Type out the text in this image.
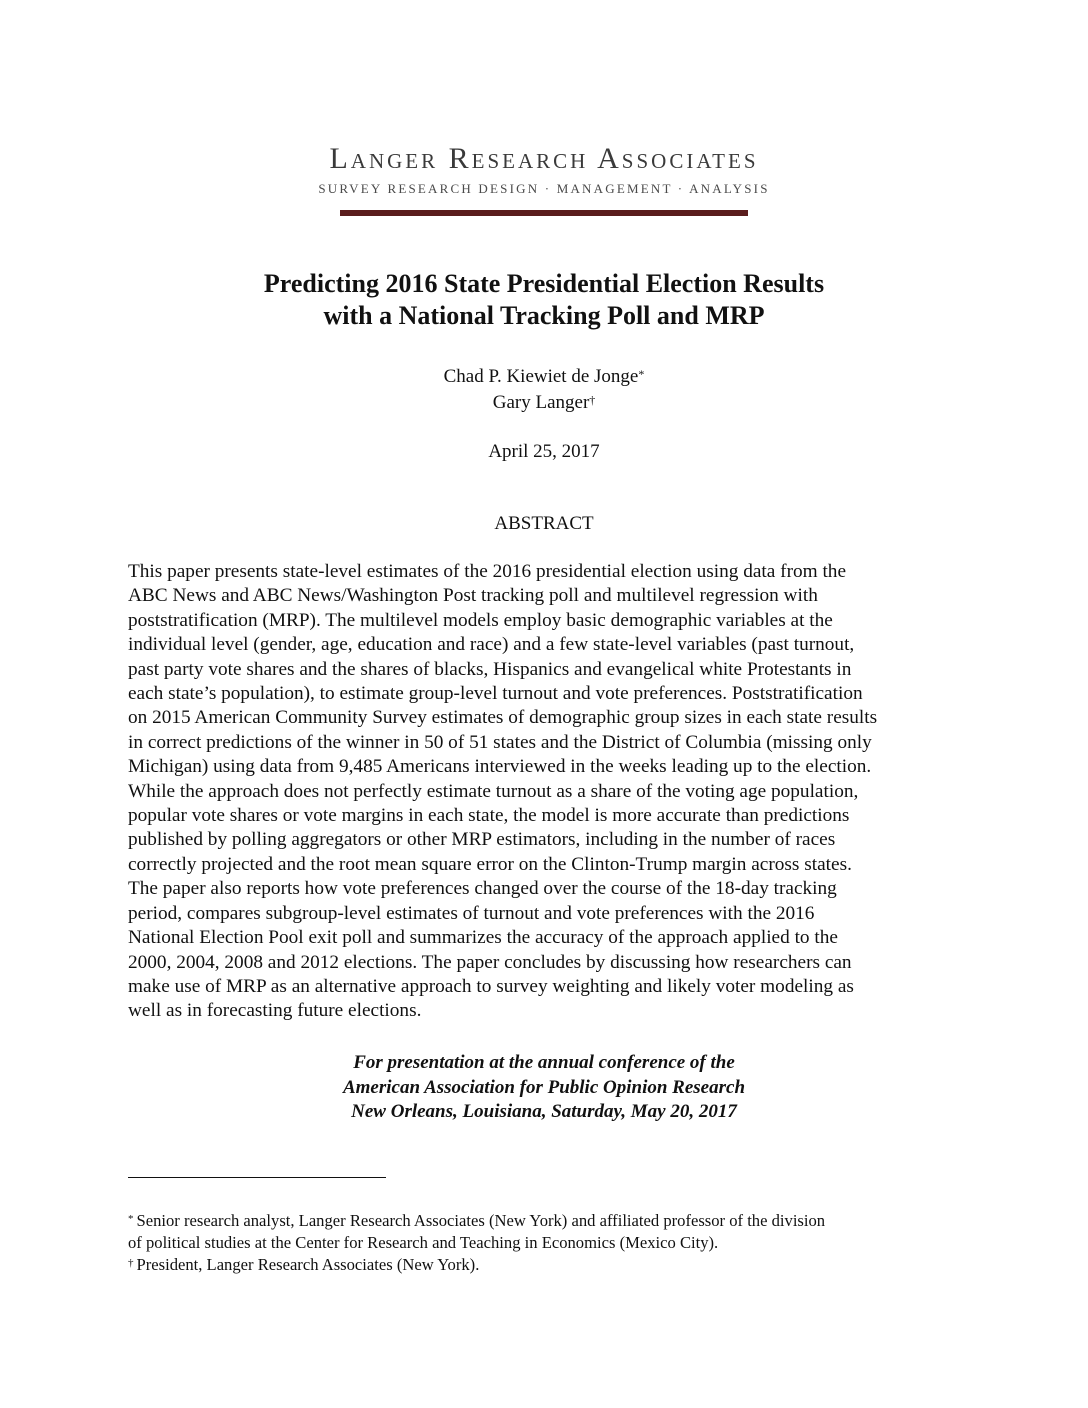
Langer Research Associates
SURVEY RESEARCH DESIGN · MANAGEMENT · ANALYSIS
Predicting 2016 State Presidential Election Results
with a National Tracking Poll and MRP
Chad P. Kiewiet de Jonge*
Gary Langer†
April 25, 2017
ABSTRACT
This paper presents state-level estimates of the 2016 presidential election using data from the
ABC News and ABC News/Washington Post tracking poll and multilevel regression with
poststratification (MRP). The multilevel models employ basic demographic variables at the
individual level (gender, age, education and race) and a few state-level variables (past turnout,
past party vote shares and the shares of blacks, Hispanics and evangelical white Protestants in
each state’s population), to estimate group-level turnout and vote preferences. Poststratification
on 2015 American Community Survey estimates of demographic group sizes in each state results
in correct predictions of the winner in 50 of 51 states and the District of Columbia (missing only
Michigan) using data from 9,485 Americans interviewed in the weeks leading up to the election.
While the approach does not perfectly estimate turnout as a share of the voting age population,
popular vote shares or vote margins in each state, the model is more accurate than predictions
published by polling aggregators or other MRP estimators, including in the number of races
correctly projected and the root mean square error on the Clinton-Trump margin across states.
The paper also reports how vote preferences changed over the course of the 18-day tracking
period, compares subgroup-level estimates of turnout and vote preferences with the 2016
National Election Pool exit poll and summarizes the accuracy of the approach applied to the
2000, 2004, 2008 and 2012 elections. The paper concludes by discussing how researchers can
make use of MRP as an alternative approach to survey weighting and likely voter modeling as
well as in forecasting future elections.
For presentation at the annual conference of the
American Association for Public Opinion Research
New Orleans, Louisiana, Saturday, May 20, 2017
* Senior research analyst, Langer Research Associates (New York) and affiliated professor of the division
of political studies at the Center for Research and Teaching in Economics (Mexico City).
† President, Langer Research Associates (New York).
